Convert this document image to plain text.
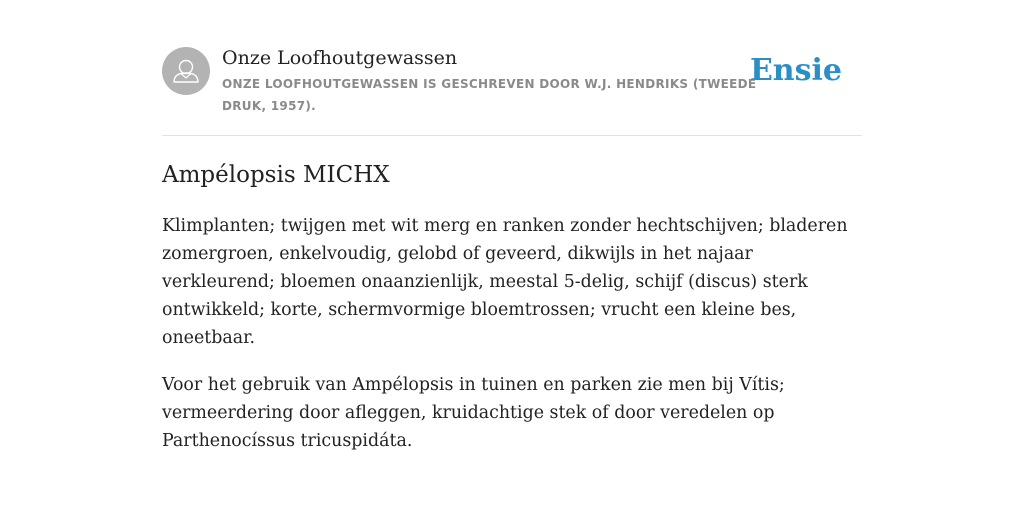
Onze Loofhoutgewassen
ONZE LOOFHOUTGEWASSEN IS GESCHREVEN DOOR W.J. HENDRIKS (TWEEDE DRUK, 1957).
Ensie
Ampélopsis MICHX

Klimplanten; twijgen met wit merg en ranken zonder hechtschijven; bladeren zomergroen, enkelvoudig, gelobd of geveerd, dikwijls in het najaar verkleurend; bloemen onaanzienlijk, meestal 5-delig, schijf (discus) sterk ontwikkeld; korte, schermvormige bloemtrossen; vrucht een kleine bes, oneetbaar.

Voor het gebruik van Ampélopsis in tuinen en parken zie men bij Vítis; vermeerdering door afleggen, kruidachtige stek of door veredelen op Parthenocíssus tricuspidáta.
